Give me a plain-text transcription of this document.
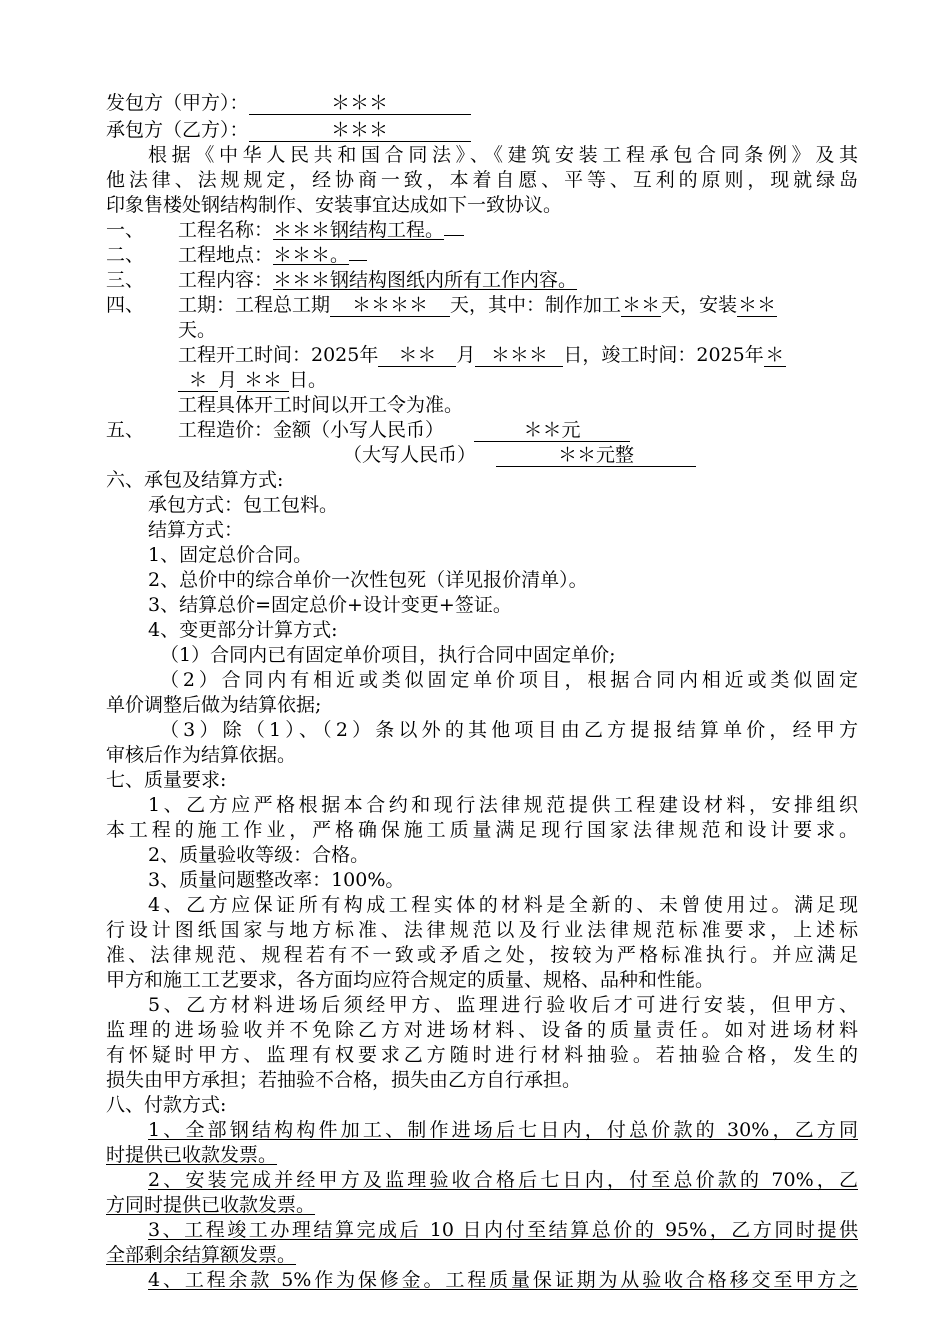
发包方（甲方）：	＊＊＊
承包方（乙方）：	＊＊＊
根据《中华人民共和国合同法》、《建筑安装工程承包合同条例》及其
他法律、法规规定，经协商一致，本着自愿、平等、互利的原则，现就绿岛
印象售楼处钢结构制作、安装事宜达成如下一致协议。
一、 工程名称：＊＊＊钢结构工程。
二、 工程地点：＊＊＊。
三、 工程内容：＊＊＊钢结构图纸内所有工作内容。
四、 工期：工程总工期 ＊＊＊＊ 天，其中：制作加工＊＊天，安装＊＊
天。
工程开工时间：2025年 ＊＊ 月 ＊＊＊ 日，竣工时间：2025年＊
＊ 月 ＊＊ 日。
工程具体开工时间以开工令为准。
五、 工程造价：金额（小写人民币）	＊＊元
（大写人民币）	＊＊元整
六、承包及结算方式:
承包方式：包工包料。
结算方式：
1、固定总价合同。
2、总价中的综合单价一次性包死（详见报价清单）。
3、结算总价=固定总价+设计变更+签证。
4、变更部分计算方式:
（1）合同内已有固定单价项目，执行合同中固定单价;
（2）合同内有相近或类似固定单价项目，根据合同内相近或类似固定
单价调整后做为结算依据;
（3）除（1）、（2）条以外的其他项目由乙方提报结算单价，经甲方
审核后作为结算依据。
七、质量要求:
1、乙方应严格根据本合约和现行法律规范提供工程建设材料，安排组织
本工程的施工作业，严格确保施工质量满足现行国家法律规范和设计要求。
2、质量验收等级：合格。
3、质量问题整改率：100%。
4、乙方应保证所有构成工程实体的材料是全新的、未曾使用过。满足现
行设计图纸国家与地方标准、法律规范以及行业法律规范标准要求，上述标
准、法律规范、规程若有不一致或矛盾之处，按较为严格标准执行。并应满足
甲方和施工工艺要求，各方面均应符合规定的质量、规格、品种和性能。
5、乙方材料进场后须经甲方、监理进行验收后才可进行安装，但甲方、
监理的进场验收并不免除乙方对进场材料、设备的质量责任。如对进场材料
有怀疑时甲方、监理有权要求乙方随时进行材料抽验。若抽验合格，发生的
损失由甲方承担；若抽验不合格，损失由乙方自行承担。
八、付款方式:
1、全部钢结构构件加工、制作进场后七日内，付总价款的 30%，乙方同
时提供已收款发票。
2、安装完成并经甲方及监理验收合格后七日内，付至总价款的 70%，乙
方同时提供已收款发票。
3、工程竣工办理结算完成后 10 日内付至结算总价的 95%，乙方同时提供
全部剩余结算额发票。
4、工程余款 5%作为保修金。工程质量保证期为从验收合格移交至甲方之
